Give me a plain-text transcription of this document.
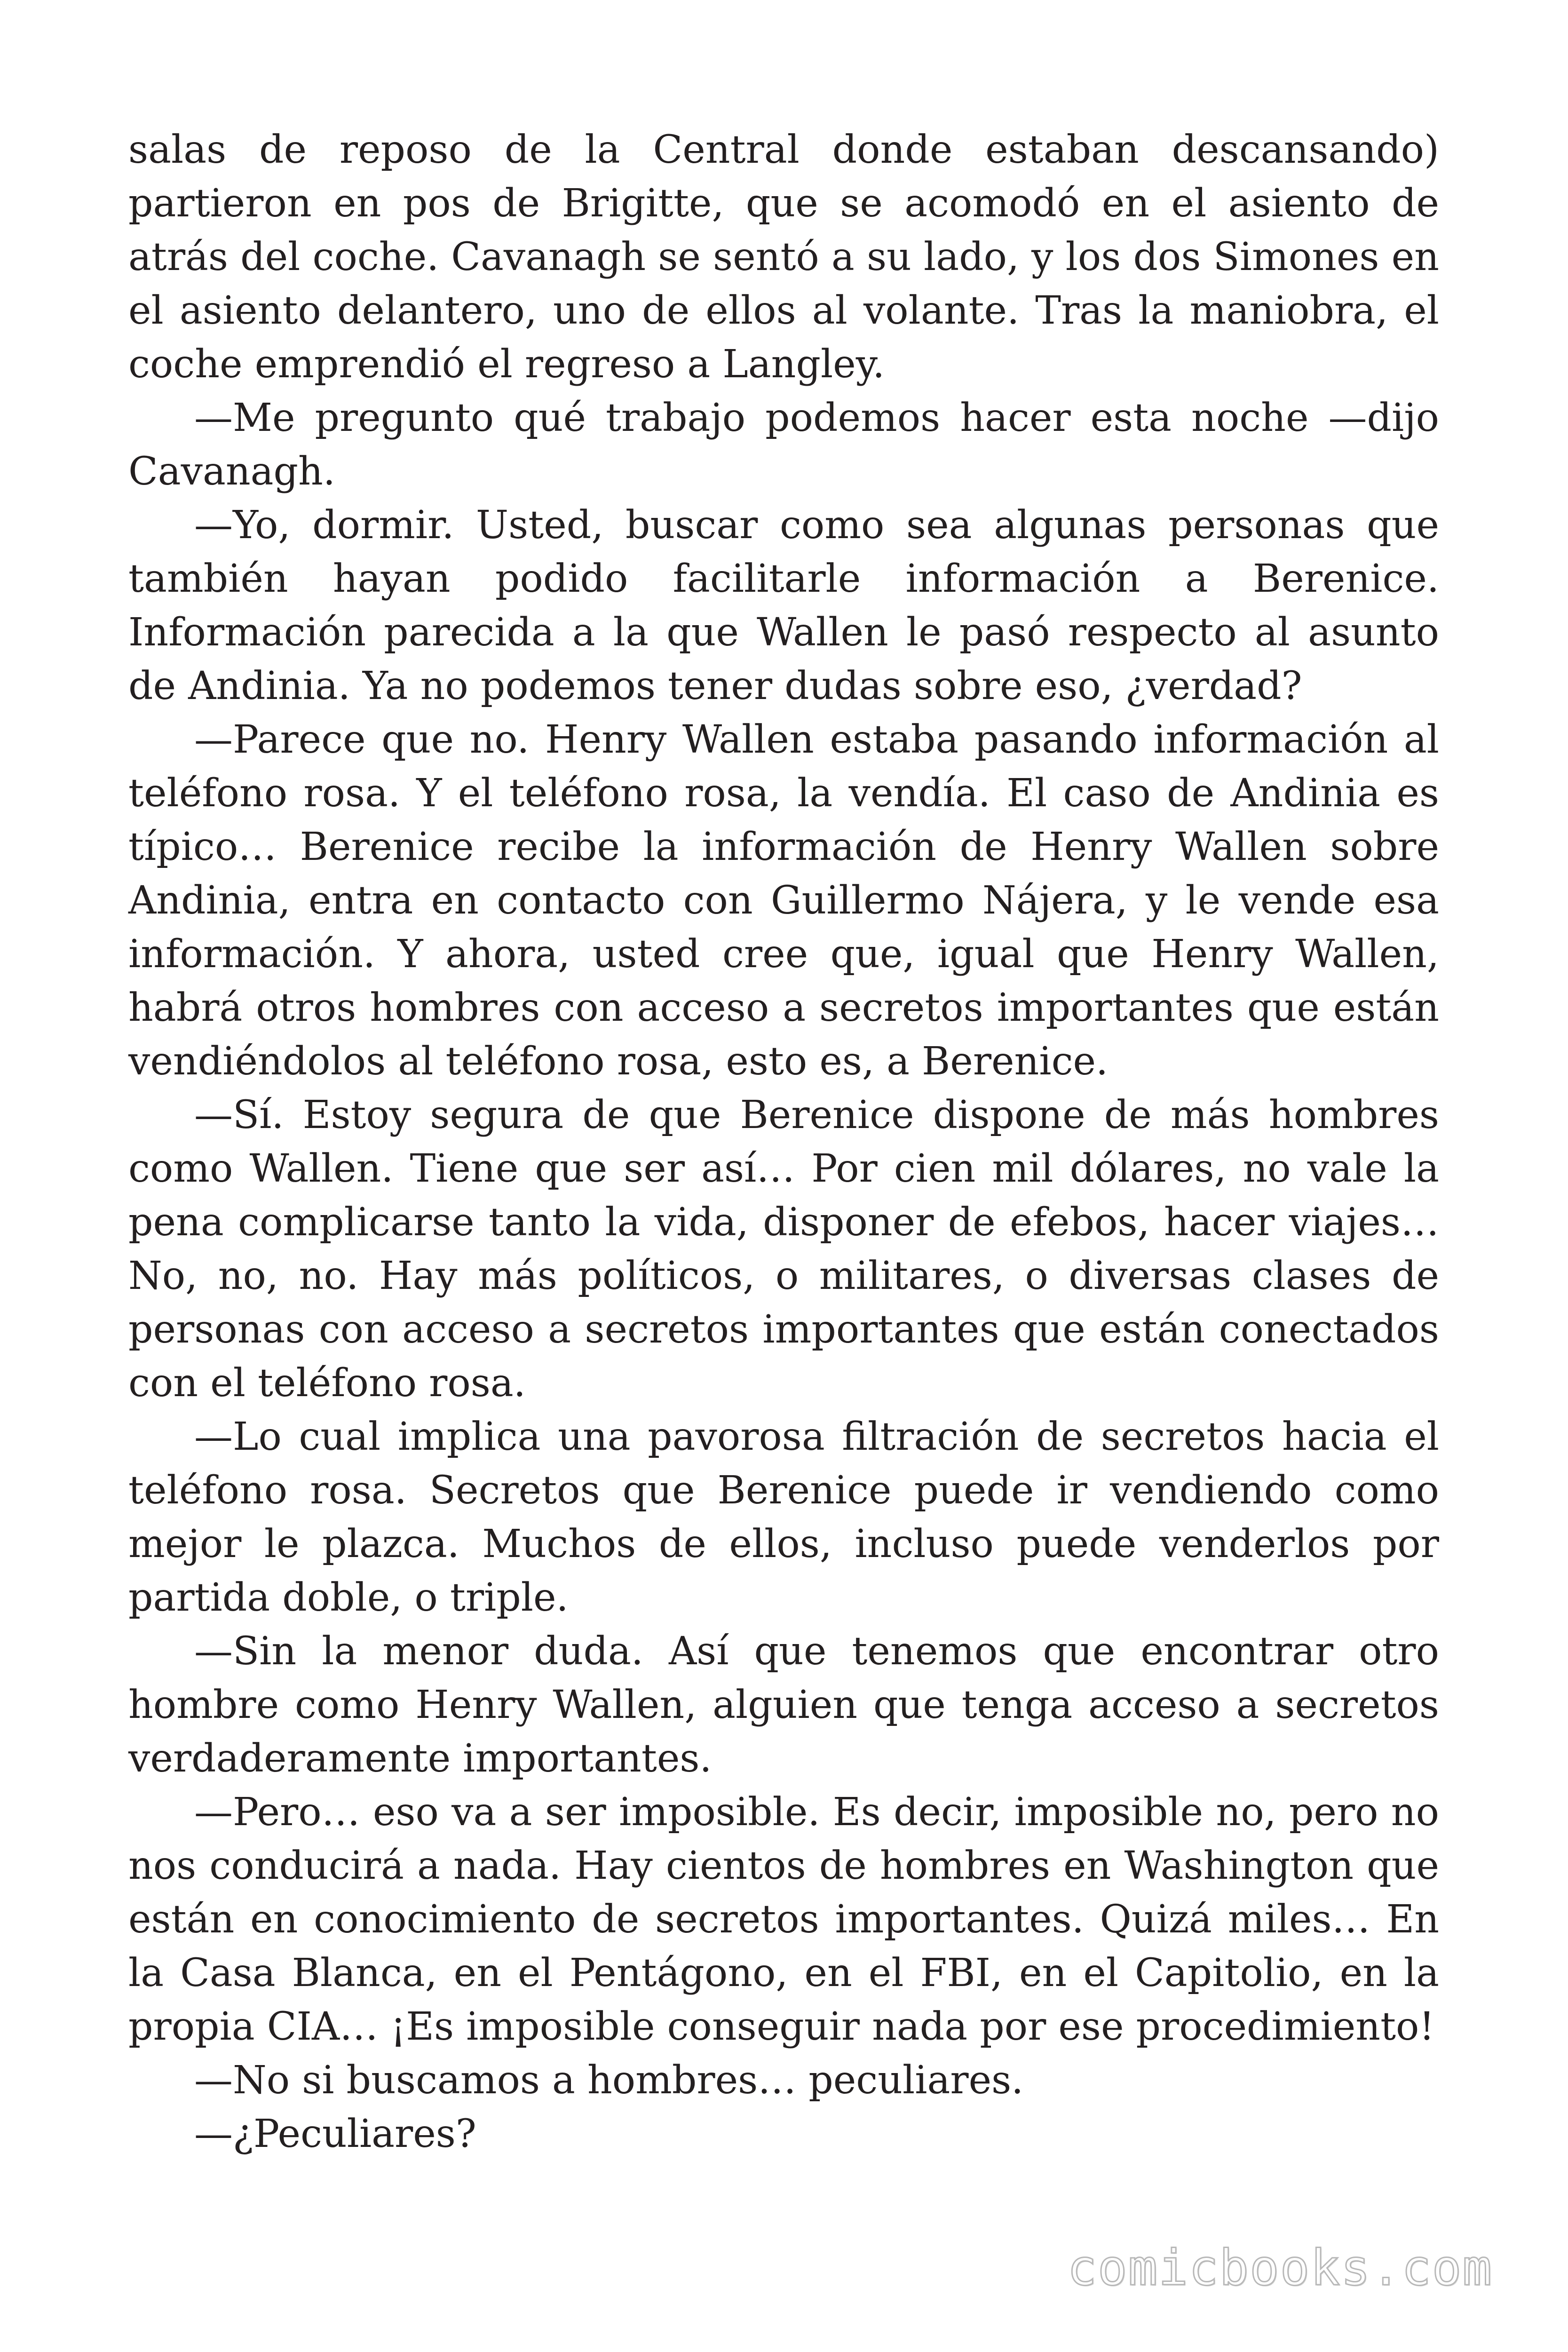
salas de reposo de la Central donde estaban descansando) partieron en pos de Brigitte, que se acomodó en el asiento de atrás del coche. Cavanagh se sentó a su lado, y los dos Simones en el asiento delantero, uno de ellos al volante. Tras la maniobra, el coche emprendió el regreso a Langley.

—Me pregunto qué trabajo podemos hacer esta noche —dijo Cavanagh.

—Yo, dormir. Usted, buscar como sea algunas personas que también hayan podido facilitarle información a Berenice. Información parecida a la que Wallen le pasó respecto al asunto de Andinia. Ya no podemos tener dudas sobre eso, ¿verdad?

—Parece que no. Henry Wallen estaba pasando información al teléfono rosa. Y el teléfono rosa, la vendía. El caso de Andinia es típico… Berenice recibe la información de Henry Wallen sobre Andinia, entra en contacto con Guillermo Nájera, y le vende esa información. Y ahora, usted cree que, igual que Henry Wallen, habrá otros hombres con acceso a secretos importantes que están vendiéndolos al teléfono rosa, esto es, a Berenice.

—Sí. Estoy segura de que Berenice dispone de más hombres como Wallen. Tiene que ser así… Por cien mil dólares, no vale la pena complicarse tanto la vida, disponer de efebos, hacer viajes… No, no, no. Hay más políticos, o militares, o diversas clases de personas con acceso a secretos importantes que están conectados con el teléfono rosa.

—Lo cual implica una pavorosa filtración de secretos hacia el teléfono rosa. Secretos que Berenice puede ir vendiendo como mejor le plazca. Muchos de ellos, incluso puede venderlos por partida doble, o triple.

—Sin la menor duda. Así que tenemos que encontrar otro hombre como Henry Wallen, alguien que tenga acceso a secretos verdaderamente importantes.

—Pero… eso va a ser imposible. Es decir, imposible no, pero no nos conducirá a nada. Hay cientos de hombres en Washington que están en conocimiento de secretos importantes. Quizá miles… En la Casa Blanca, en el Pentágono, en el FBI, en el Capitolio, en la propia CIA… ¡Es imposible conseguir nada por ese procedimiento!

—No si buscamos a hombres… peculiares.

—¿Peculiares?

comicbooks.com
